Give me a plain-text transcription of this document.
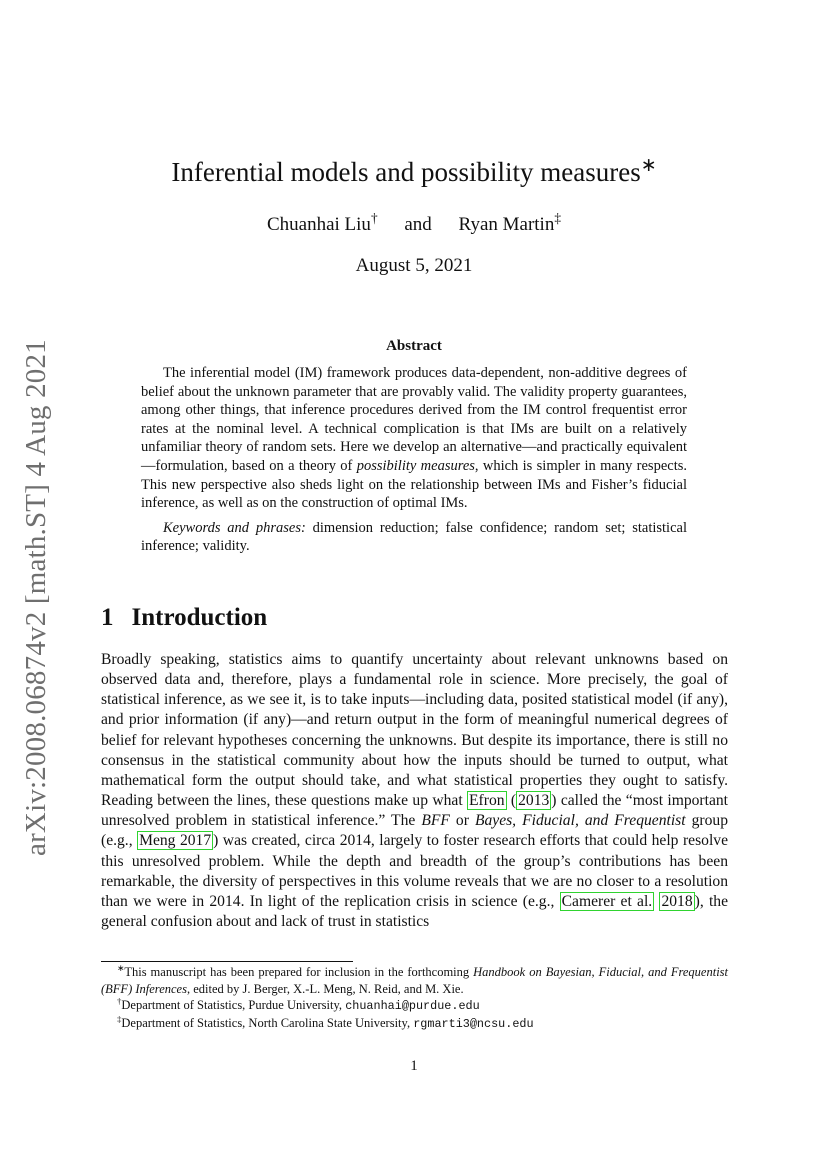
arXiv:2008.06874v2 [math.ST] 4 Aug 2021
Inferential models and possibility measures∗
Chuanhai Liu† and Ryan Martin‡
August 5, 2021
Abstract

The inferential model (IM) framework produces data-dependent, non-additive degrees of belief about the unknown parameter that are provably valid. The validity property guarantees, among other things, that inference procedures derived from the IM control frequentist error rates at the nominal level. A technical complication is that IMs are built on a relatively unfamiliar theory of random sets. Here we develop an alternative—and practically equivalent—formulation, based on a theory of possibility measures, which is simpler in many respects. This new perspective also sheds light on the relationship between IMs and Fisher’s fiducial inference, as well as on the construction of optimal IMs.

Keywords and phrases: dimension reduction; false confidence; random set; statistical inference; validity.

1 Introduction

Broadly speaking, statistics aims to quantify uncertainty about relevant unknowns based on observed data and, therefore, plays a fundamental role in science. More precisely, the goal of statistical inference, as we see it, is to take inputs—including data, posited statistical model (if any), and prior information (if any)—and return output in the form of meaningful numerical degrees of belief for relevant hypotheses concerning the unknowns. But despite its importance, there is still no consensus in the statistical community about how the inputs should be turned to output, what mathematical form the output should take, and what statistical properties they ought to satisfy. Reading between the lines, these questions make up what Efron ( 2013 ) called the “most important unresolved problem in statistical inference.” The BFF or Bayes, Fiducial, and Frequentist group (e.g., Meng 2017 ) was created, circa 2014, largely to foster research efforts that could help resolve this unresolved problem. While the depth and breadth of the group’s contributions has been remarkable, the diversity of perspectives in this volume reveals that we are no closer to a resolution than we were in 2014. In light of the replication crisis in science (e.g., Camerer et al. 2018 ), the general confusion about and lack of trust in statistics

∗This manuscript has been prepared for inclusion in the forthcoming Handbook on Bayesian, Fiducial, and Frequentist (BFF) Inferences, edited by J. Berger, X.-L. Meng, N. Reid, and M. Xie.

†Department of Statistics, Purdue University, chuanhai@purdue.edu

‡Department of Statistics, North Carolina State University, rgmarti3@ncsu.edu

1
